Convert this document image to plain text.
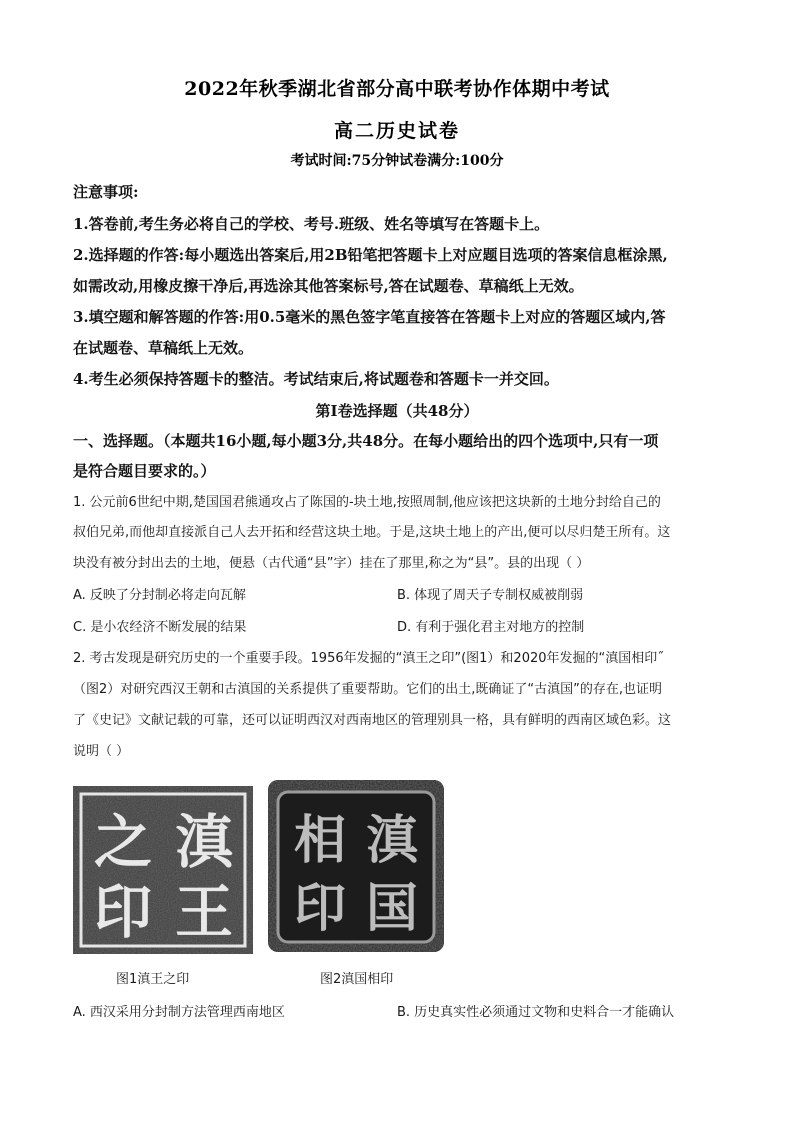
2022年秋季湖北省部分高中联考协作体期中考试
高二历史试卷
考试时间:75分钟试卷满分:100分
注意事项:
1.答卷前,考生务必将自己的学校、考号.班级、姓名等填写在答题卡上。
2.选择题的作答:每小题选出答案后,用2B铅笔把答题卡上对应题目选项的答案信息框涂黑,
如需改动,用橡皮擦干净后,再选涂其他答案标号,答在试题卷、草稿纸上无效。
3.填空题和解答题的作答:用0.5毫米的黑色签字笔直接答在答题卡上对应的答题区域内,答
在试题卷、草稿纸上无效。
4.考生必须保持答题卡的整洁。考试结束后,将试题卷和答题卡一并交回。
第Ⅰ卷选择题（共48分）
一、选择题。（本题共16小题,每小题3分,共48分。在每小题给出的四个选项中,只有一项
是符合题目要求的。）
1. 公元前6世纪中期,楚国国君熊通攻占了陈国的-块土地,按照周制,他应该把这块新的土地分封给自己的
叔伯兄弟,而他却直接派自己人去开拓和经营这块土地。于是,这块土地上的产出,便可以尽归楚王所有。这
块没有被分封出去的土地，便悬（古代通“县”字）挂在了那里,称之为“县”。县的出现（ ）
A. 反映了分封制必将走向瓦解	B. 体现了周天子专制权威被削弱
C. 是小农经济不断发展的结果	D. 有利于强化君主对地方的控制
2. 考古发现是研究历史的一个重要手段。1956年发掘的“滇王之印”(图1）和2020年发掘的“滇国相印˝
（图2）对研究西汉王朝和古滇国的关系提供了重要帮助。它们的出土,既确证了“古滇国”的存在,也证明
了《史记》文献记载的可靠，还可以证明西汉对西南地区的管理别具一格，具有鲜明的西南区域色彩。这
说明（ ）
滇
王
之
印
滇
国
相
印
图1滇王之印	图2滇国相印
A. 西汉采用分封制方法管理西南地区	B. 历史真实性必须通过文物和史料合一才能确认
